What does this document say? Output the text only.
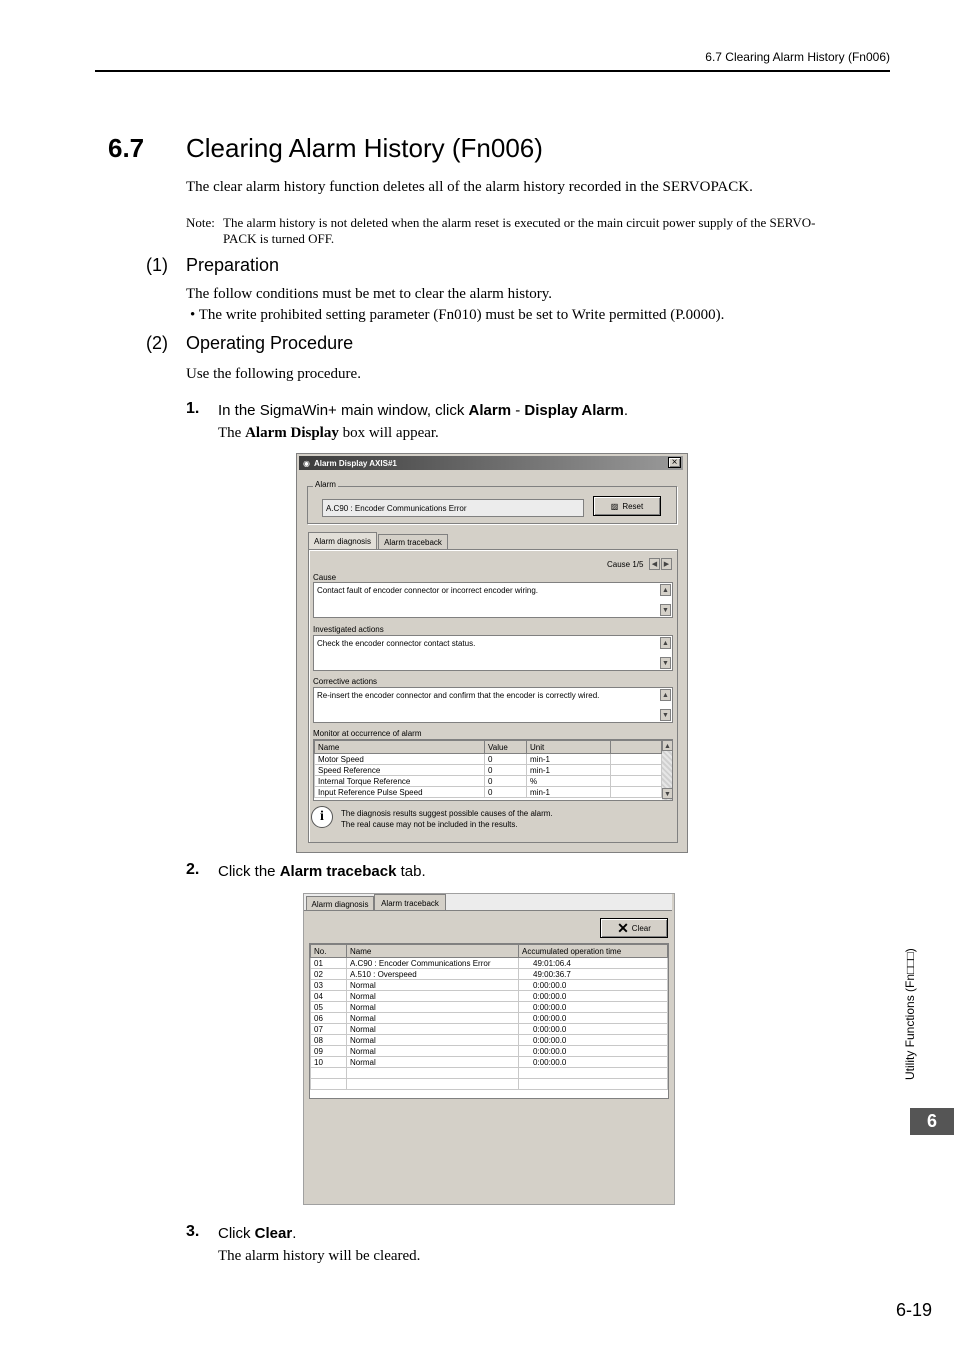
6.7 Clearing Alarm History (Fn006)
6.7 Clearing Alarm History (Fn006)
The clear alarm history function deletes all of the alarm history recorded in the SERVOPACK.
Note: The alarm history is not deleted when the alarm reset is executed or the main circuit power supply of the SERVO-
PACK is turned OFF.
(1) Preparation
The follow conditions must be met to clear the alarm history.
• The write prohibited setting parameter (Fn010) must be set to Write permitted (P.0000).
(2) Operating Procedure
Use the following procedure.
1. In the SigmaWin+ main window, click Alarm - Display Alarm.
The Alarm Display box will appear.
◉ Alarm Display AXIS#1	×
Alarm
A.C90 : Encoder Communications Error	▨ Reset
Alarm diagnosis	Alarm traceback
Cause 1/5	◀ ▶
Cause
Contact fault of encoder connector or incorrect encoder wiring.	▲
▼
Investigated actions
Check the encoder connector contact status.	▲
▼
Corrective actions
Re-insert the encoder connector and confirm that the encoder is correctly wired.	▲
▼
Monitor at occurrence of alarm
Name	Value	Unit	
Motor Speed	0	min-1	
Speed Reference	0	min-1	
Internal Torque Reference	0	%	
Input Reference Pulse Speed	0	min-1	
▲
▼
i	The diagnosis results suggest possible causes of the alarm.
The real cause may not be included in the results.
2. Click the Alarm traceback tab.
Alarm diagnosis	Alarm traceback
✕ Clear
No.	Name	Accumulated operation time
01	A.C90 : Encoder Communications Error	49:01:06.4
02	A.510 : Overspeed	49:00:36.7
03	Normal	0:00:00.0
04	Normal	0:00:00.0
05	Normal	0:00:00.0
06	Normal	0:00:00.0
07	Normal	0:00:00.0
08	Normal	0:00:00.0
09	Normal	0:00:00.0
10	Normal	0:00:00.0

3. Click Clear.
The alarm history will be cleared.
Utility Functions (Fn□□□)
6
6-19
